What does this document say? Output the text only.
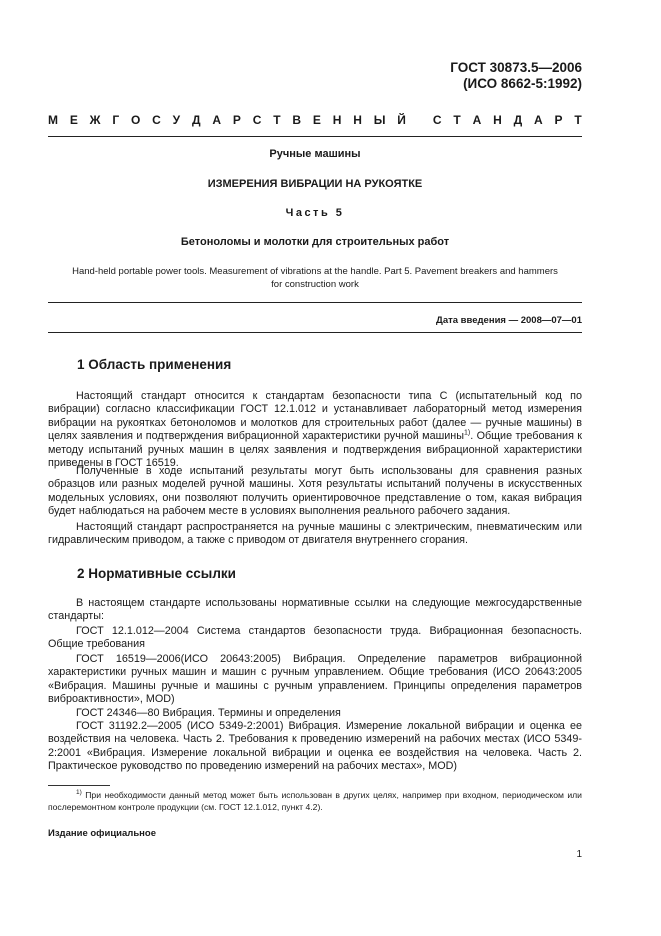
ГОСТ 30873.5—2006
(ИСО 8662-5:1992)
М Е Ж Г О С У Д А Р С Т В Е Н Н Ы Й
С Т А Н Д А Р Т
Ручные машины
ИЗМЕРЕНИЯ ВИБРАЦИИ НА РУКОЯТКЕ
Часть 5
Бетоноломы и молотки для строительных работ
Hand-held portable power tools. Measurement of vibrations at the handle. Part 5. Pavement breakers and hammers
for construction work
Дата введения — 2008—07—01
1 Область применения
Настоящий стандарт относится к стандартам безопасности типа С (испытательный код по вибрации) согласно классификации ГОСТ 12.1.012 и устанавливает лабораторный метод измерения вибрации на рукоятках бетоноломов и молотков для строительных работ (далее — ручные машины) в целях заявления и подтверждения вибрационной характеристики ручной машины$^{1)}$. Общие требования к методу испытаний ручных машин в целях заявления и подтверждения вибрационной характеристики приведены в ГОСТ 16519.
Полученные в ходе испытаний результаты могут быть использованы для сравнения разных образцов или разных моделей ручной машины. Хотя результаты испытаний получены в искусственных модельных условиях, они позволяют получить ориентировочное представление о том, какая вибрация будет наблюдаться на рабочем месте в условиях выполнения реального рабочего задания.
Настоящий стандарт распространяется на ручные машины с электрическим, пневматическим или гидравлическим приводом, а также с приводом от двигателя внутреннего сгорания.
2 Нормативные ссылки
В настоящем стандарте использованы нормативные ссылки на следующие межгосударственные стандарты:
ГОСТ 12.1.012—2004 Система стандартов безопасности труда. Вибрационная безопасность. Общие требования
ГОСТ 16519—2006(ИСО 20643:2005) Вибрация. Определение параметров вибрационной характеристики ручных машин и машин с ручным управлением. Общие требования (ИСО 20643:2005 «Вибрация. Машины ручные и машины с ручным управлением. Принципы определения параметров виброактивности», MOD)
ГОСТ 24346—80 Вибрация. Термины и определения
ГОСТ 31192.2—2005 (ИСО 5349-2:2001) Вибрация. Измерение локальной вибрации и оценка ее воздействия на человека. Часть 2. Требования к проведению измерений на рабочих местах (ИСО 5349-2:2001 «Вибрация. Измерение локальной вибрации и оценка ее воздействия на человека. Часть 2. Практическое руководство по проведению измерений на рабочих местах», MOD)
$^{1)}$ При необходимости данный метод может быть использован в других целях, например при входном, периодическом или послеремонтном контроле продукции (см. ГОСТ 12.1.012, пункт 4.2).
Издание официальное
1
